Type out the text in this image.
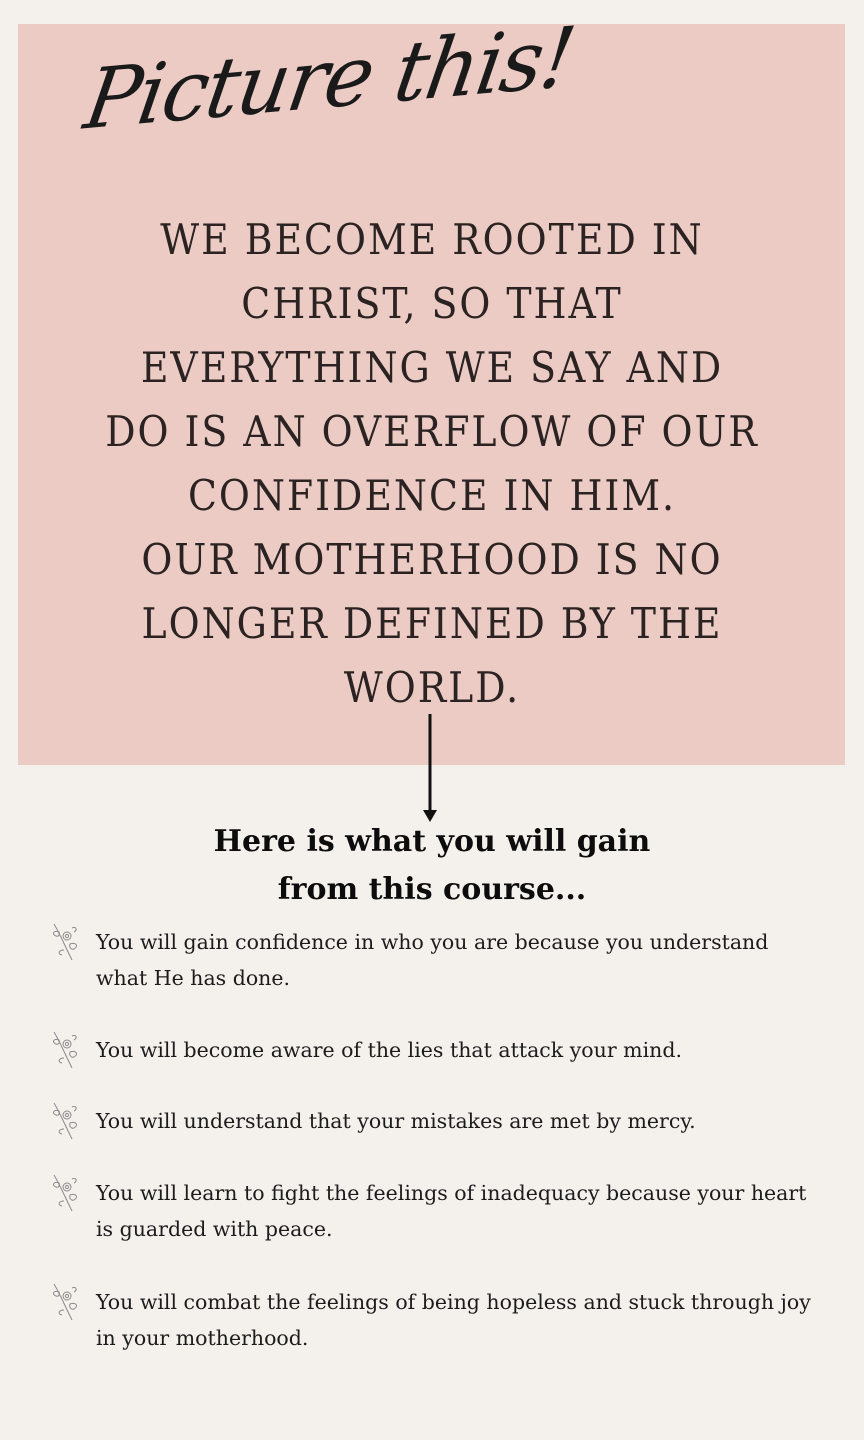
Picture this!
WE BECOME ROOTED IN
CHRIST, SO THAT
EVERYTHING WE SAY AND
DO IS AN OVERFLOW OF OUR
CONFIDENCE IN HIM.
OUR MOTHERHOOD IS NO
LONGER DEFINED BY THE
WORLD.
Here is what you will gain
from this course...
You will gain confidence in who you are because you understand
what He has done.
You will become aware of the lies that attack your mind.
You will understand that your mistakes are met by mercy.
You will learn to fight the feelings of inadequacy because your heart
is guarded with peace.
You will combat the feelings of being hopeless and stuck through joy
in your motherhood.
